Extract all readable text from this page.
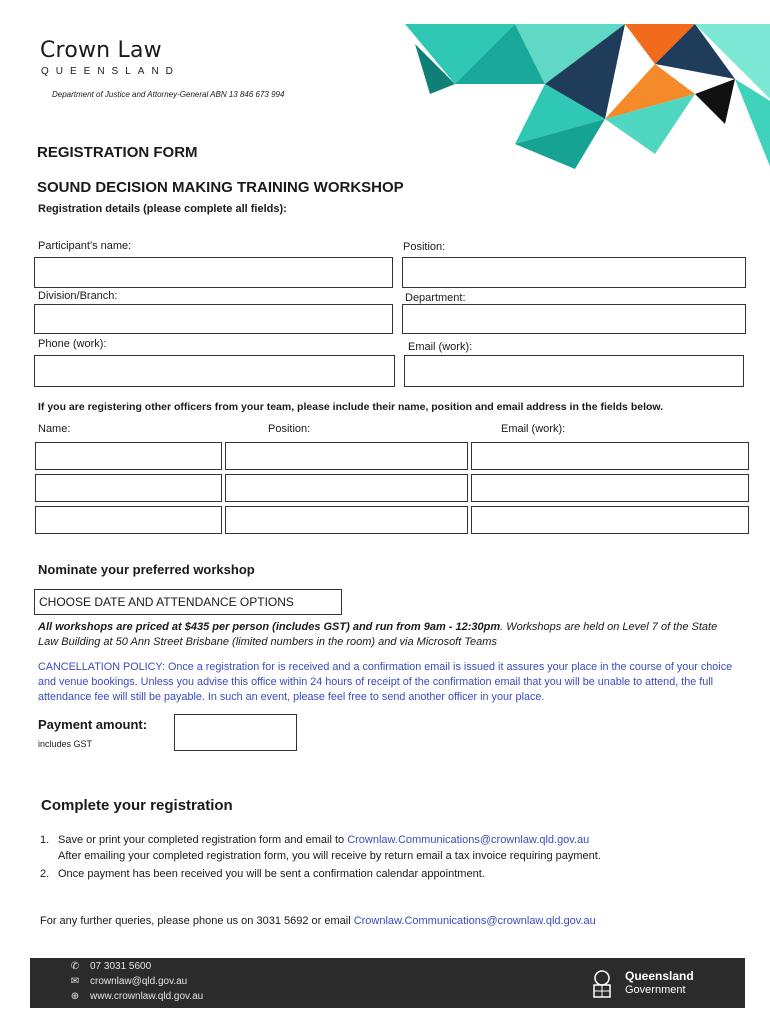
Crown Law
QUEENSLAND
Department of Justice and Attorney-General ABN 13 846 673 994
REGISTRATION FORM
SOUND DECISION MAKING TRAINING WORKSHOP
Registration details (please complete all fields):
Participant's name:	Position:
Division/Branch:	Department:
Phone (work):	Email (work):
If you are registering other officers from your team, please include their name, position and email address in the fields below.
Name:	Position:	Email (work):
Nominate your preferred workshop
CHOOSE DATE AND ATTENDANCE OPTIONS
All workshops are priced at $435 per person (includes GST) and run from 9am - 12:30pm. Workshops are held on Level 7 of the State Law Building at 50 Ann Street Brisbane (limited numbers in the room) and via Microsoft Teams
CANCELLATION POLICY: Once a registration for is received and a confirmation email is issued it assures your place in the course of your choice and venue bookings. Unless you advise this office within 24 hours of receipt of the confirmation email that you will be unable to attend, the full attendance fee will still be payable. In such an event, please feel free to send another officer in your place.
Payment amount:
includes GST
Complete your registration
1. Save or print your completed registration form and email to Crownlaw.Communications@crownlaw.qld.gov.au
After emailing your completed registration form, you will receive by return email a tax invoice requiring payment.
2. Once payment has been received you will be sent a confirmation calendar appointment.
For any further queries, please phone us on 3031 5692 or email Crownlaw.Communications@crownlaw.qld.gov.au
✆ 07 3031 5600
✉ crownlaw@qld.gov.au
⊕ www.crownlaw.qld.gov.au
Queensland
Government
